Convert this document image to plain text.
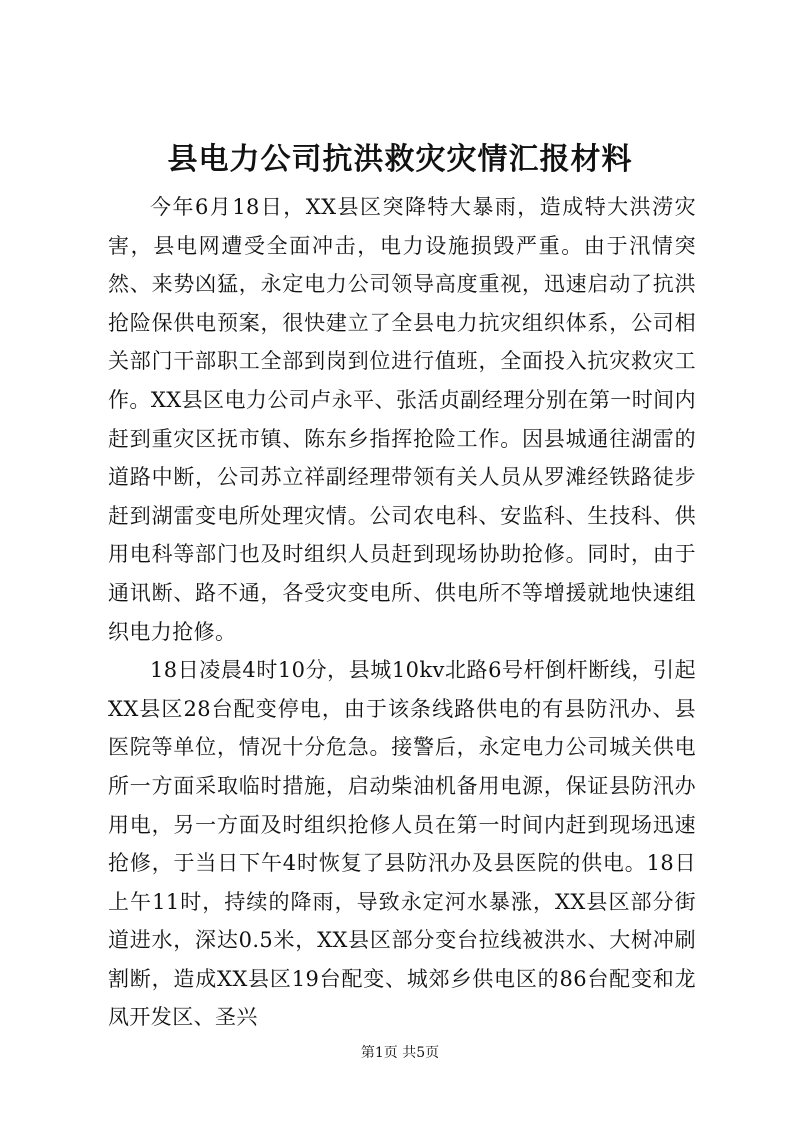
县电力公司抗洪救灾灾情汇报材料

今年6月18日，XX县区突降特大暴雨，造成特大洪涝灾害，县电网遭受全面冲击，电力设施损毁严重。由于汛情突然、来势凶猛，永定电力公司领导高度重视，迅速启动了抗洪抢险保供电预案，很快建立了全县电力抗灾组织体系，公司相关部门干部职工全部到岗到位进行值班，全面投入抗灾救灾工作。XX县区电力公司卢永平、张活贞副经理分别在第一时间内赶到重灾区抚市镇、陈东乡指挥抢险工作。因县城通往湖雷的道路中断，公司苏立祥副经理带领有关人员从罗滩经铁路徒步赶到湖雷变电所处理灾情。公司农电科、安监科、生技科、供用电科等部门也及时组织人员赶到现场协助抢修。同时，由于通讯断、路不通，各受灾变电所、供电所不等增援就地快速组织电力抢修。

18日凌晨4时10分，县城10kv北路6号杆倒杆断线，引起XX县区28台配变停电，由于该条线路供电的有县防汛办、县医院等单位，情况十分危急。接警后，永定电力公司城关供电所一方面采取临时措施，启动柴油机备用电源，保证县防汛办用电，另一方面及时组织抢修人员在第一时间内赶到现场迅速抢修，于当日下午4时恢复了县防汛办及县医院的供电。18日上午11时，持续的降雨，导致永定河水暴涨，XX县区部分街道进水，深达0.5米，XX县区部分变台拉线被洪水、大树冲刷割断，造成XX县区19台配变、城郊乡供电区的86台配变和龙凤开发区、圣兴

第1页 共5页
